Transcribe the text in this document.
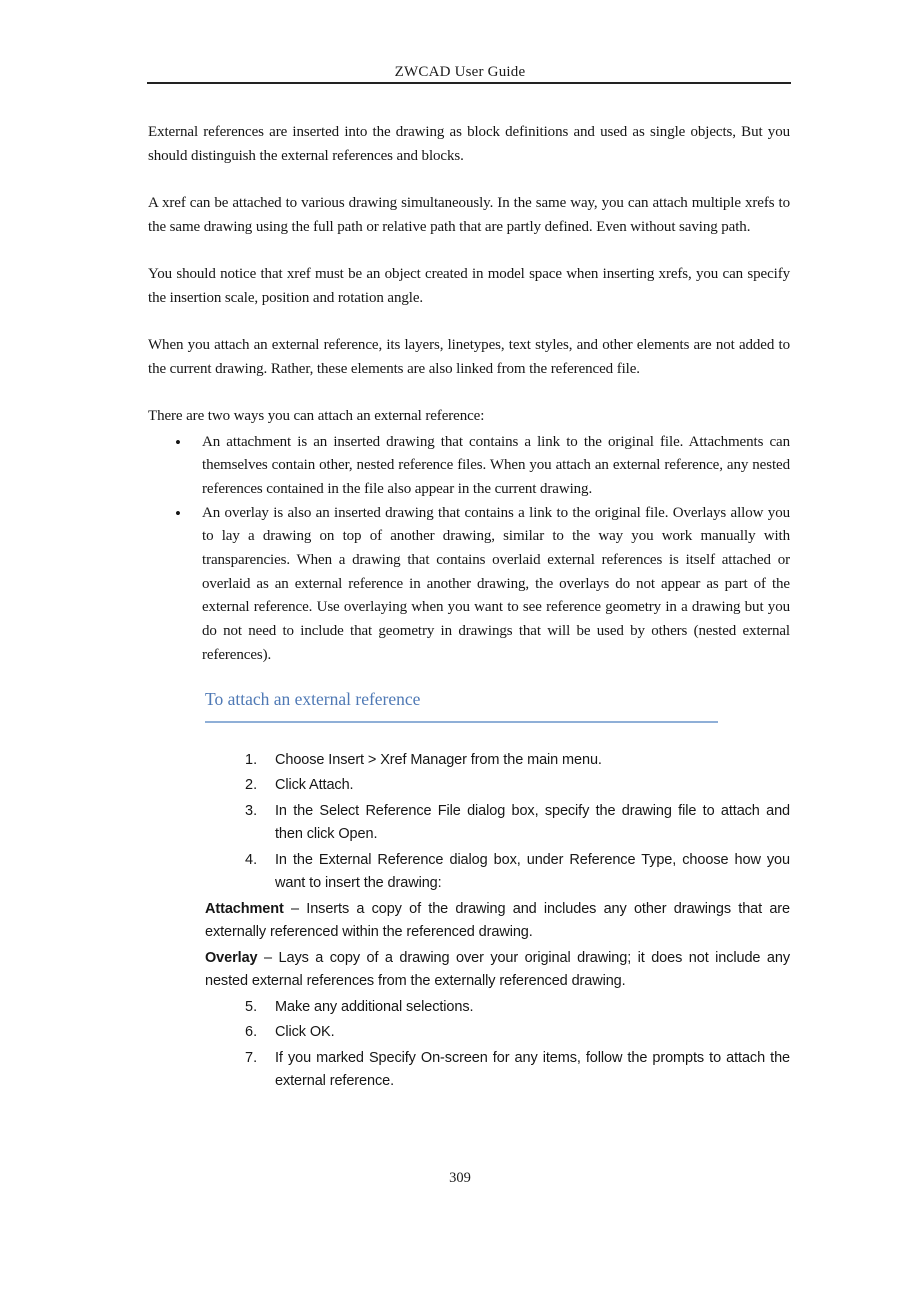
ZWCAD User Guide

External references are inserted into the drawing as block definitions and used as single objects, But you should distinguish the external references and blocks.

A xref can be attached to various drawing simultaneously. In the same way, you can attach multiple xrefs to the same drawing using the full path or relative path that are partly defined. Even without saving path.

You should notice that xref must be an object created in model space when inserting xrefs, you can specify the insertion scale, position and rotation angle.

When you attach an external reference, its layers, linetypes, text styles, and other elements are not added to the current drawing. Rather, these elements are also linked from the referenced file.

There are two ways you can attach an external reference:

• An attachment is an inserted drawing that contains a link to the original file. Attachments can themselves contain other, nested reference files. When you attach an external reference, any nested references contained in the file also appear in the current drawing.
• An overlay is also an inserted drawing that contains a link to the original file. Overlays allow you to lay a drawing on top of another drawing, similar to the way you work manually with transparencies. When a drawing that contains overlaid external references is itself attached or overlaid as an external reference in another drawing, the overlays do not appear as part of the external reference. Use overlaying when you want to see reference geometry in a drawing but you do not need to include that geometry in drawings that will be used by others (nested external references).
To attach an external reference
1.	Choose Insert > Xref Manager from the main menu.
2.	Click Attach.
3.	In the Select Reference File dialog box, specify the drawing file to attach and then click Open.
4.	In the External Reference dialog box, under Reference Type, choose how you want to insert the drawing:

Attachment – Inserts a copy of the drawing and includes any other drawings that are externally referenced within the referenced drawing.

Overlay – Lays a copy of a drawing over your original drawing; it does not include any nested external references from the externally referenced drawing.

5.	Make any additional selections.
6.	Click OK.
7.	If you marked Specify On-screen for any items, follow the prompts to attach the external reference.
309
